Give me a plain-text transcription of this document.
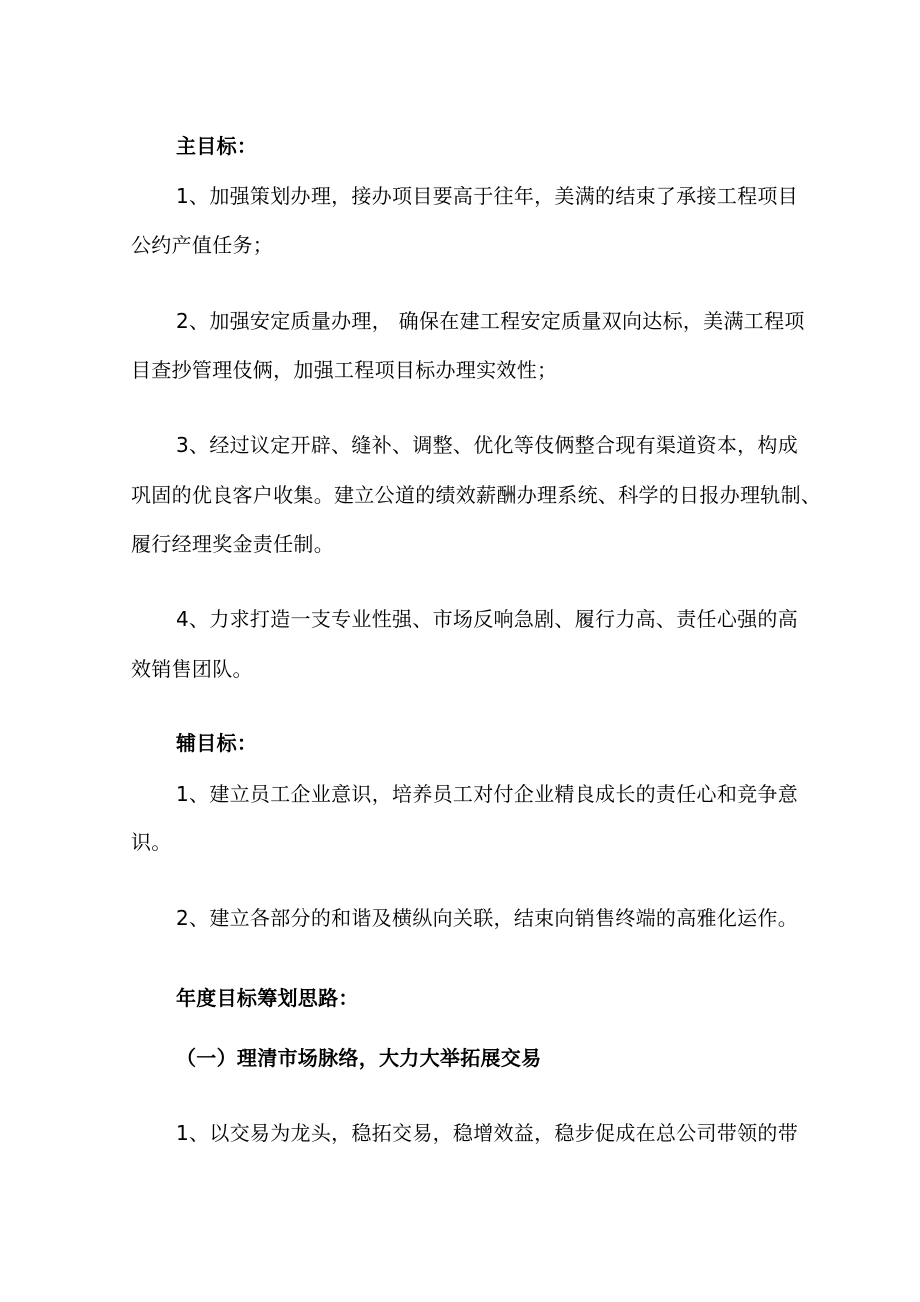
主目标：
1、加强策划办理，接办项目要高于往年，美满的结束了承接工程项目
公约产值任务；
2、加强安定质量办理， 确保在建工程安定质量双向达标，美满工程项
目查抄管理伎俩，加强工程项目标办理实效性；
3、经过议定开辟、缝补、调整、优化等伎俩整合现有渠道资本，构成
巩固的优良客户收集。建立公道的绩效薪酬办理系统、科学的日报办理轨制、
履行经理奖金责任制。
4、力求打造一支专业性强、市场反响急剧、履行力高、责任心强的高
效销售团队。
辅目标：
1、建立员工企业意识，培养员工对付企业精良成长的责任心和竞争意
识。
2、建立各部分的和谐及横纵向关联，结束向销售终端的高雅化运作。
年度目标筹划思路：
（一）理清市场脉络，大力大举拓展交易
1、以交易为龙头，稳拓交易，稳增效益，稳步促成在总公司带领的带
